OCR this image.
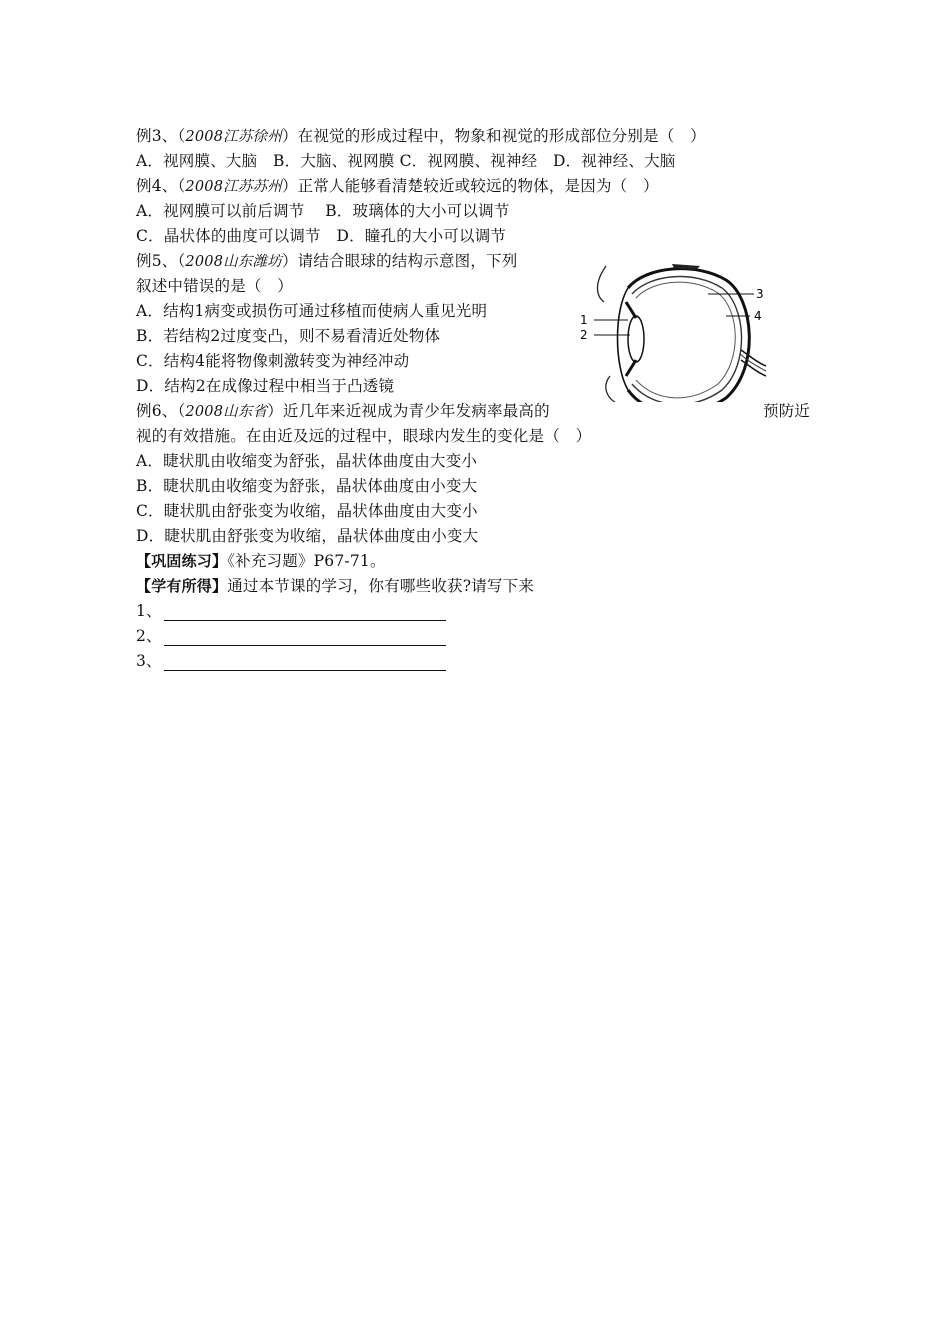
例3、（2008江苏徐州）在视觉的形成过程中，物象和视觉的形成部位分别是（　）
A．视网膜、大脑　B．大脑、视网膜 C．视网膜、视神经　D．视神经、大脑
例4、（2008江苏苏州）正常人能够看清楚较近或较远的物体，是因为（　）
A．视网膜可以前后调节　 B．玻璃体的大小可以调节
C．晶状体的曲度可以调节　D．瞳孔的大小可以调节
例5、（2008山东潍坊）请结合眼球的结构示意图，下列
叙述中错误的是（　）
A．结构1病变或损伤可通过移植而使病人重见光明
B．若结构2过度变凸，则不易看清近处物体
C．结构4能将物像刺激转变为神经冲动
D．结构2在成像过程中相当于凸透镜
例6、（2008山东省）近几年来近视成为青少年发病率最高的	预防近
视的有效措施。在由近及远的过程中，眼球内发生的变化是（　）
A．睫状肌由收缩变为舒张，晶状体曲度由大变小
B．睫状肌由收缩变为舒张，晶状体曲度由小变大
C．睫状肌由舒张变为收缩，晶状体曲度由大变小
D．睫状肌由舒张变为收缩，晶状体曲度由小变大
【巩固练习】《补充习题》P67-71。
【学有所得】通过本节课的学习，你有哪些收获?请写下来
1、
2、
3、
1
2
3
4
